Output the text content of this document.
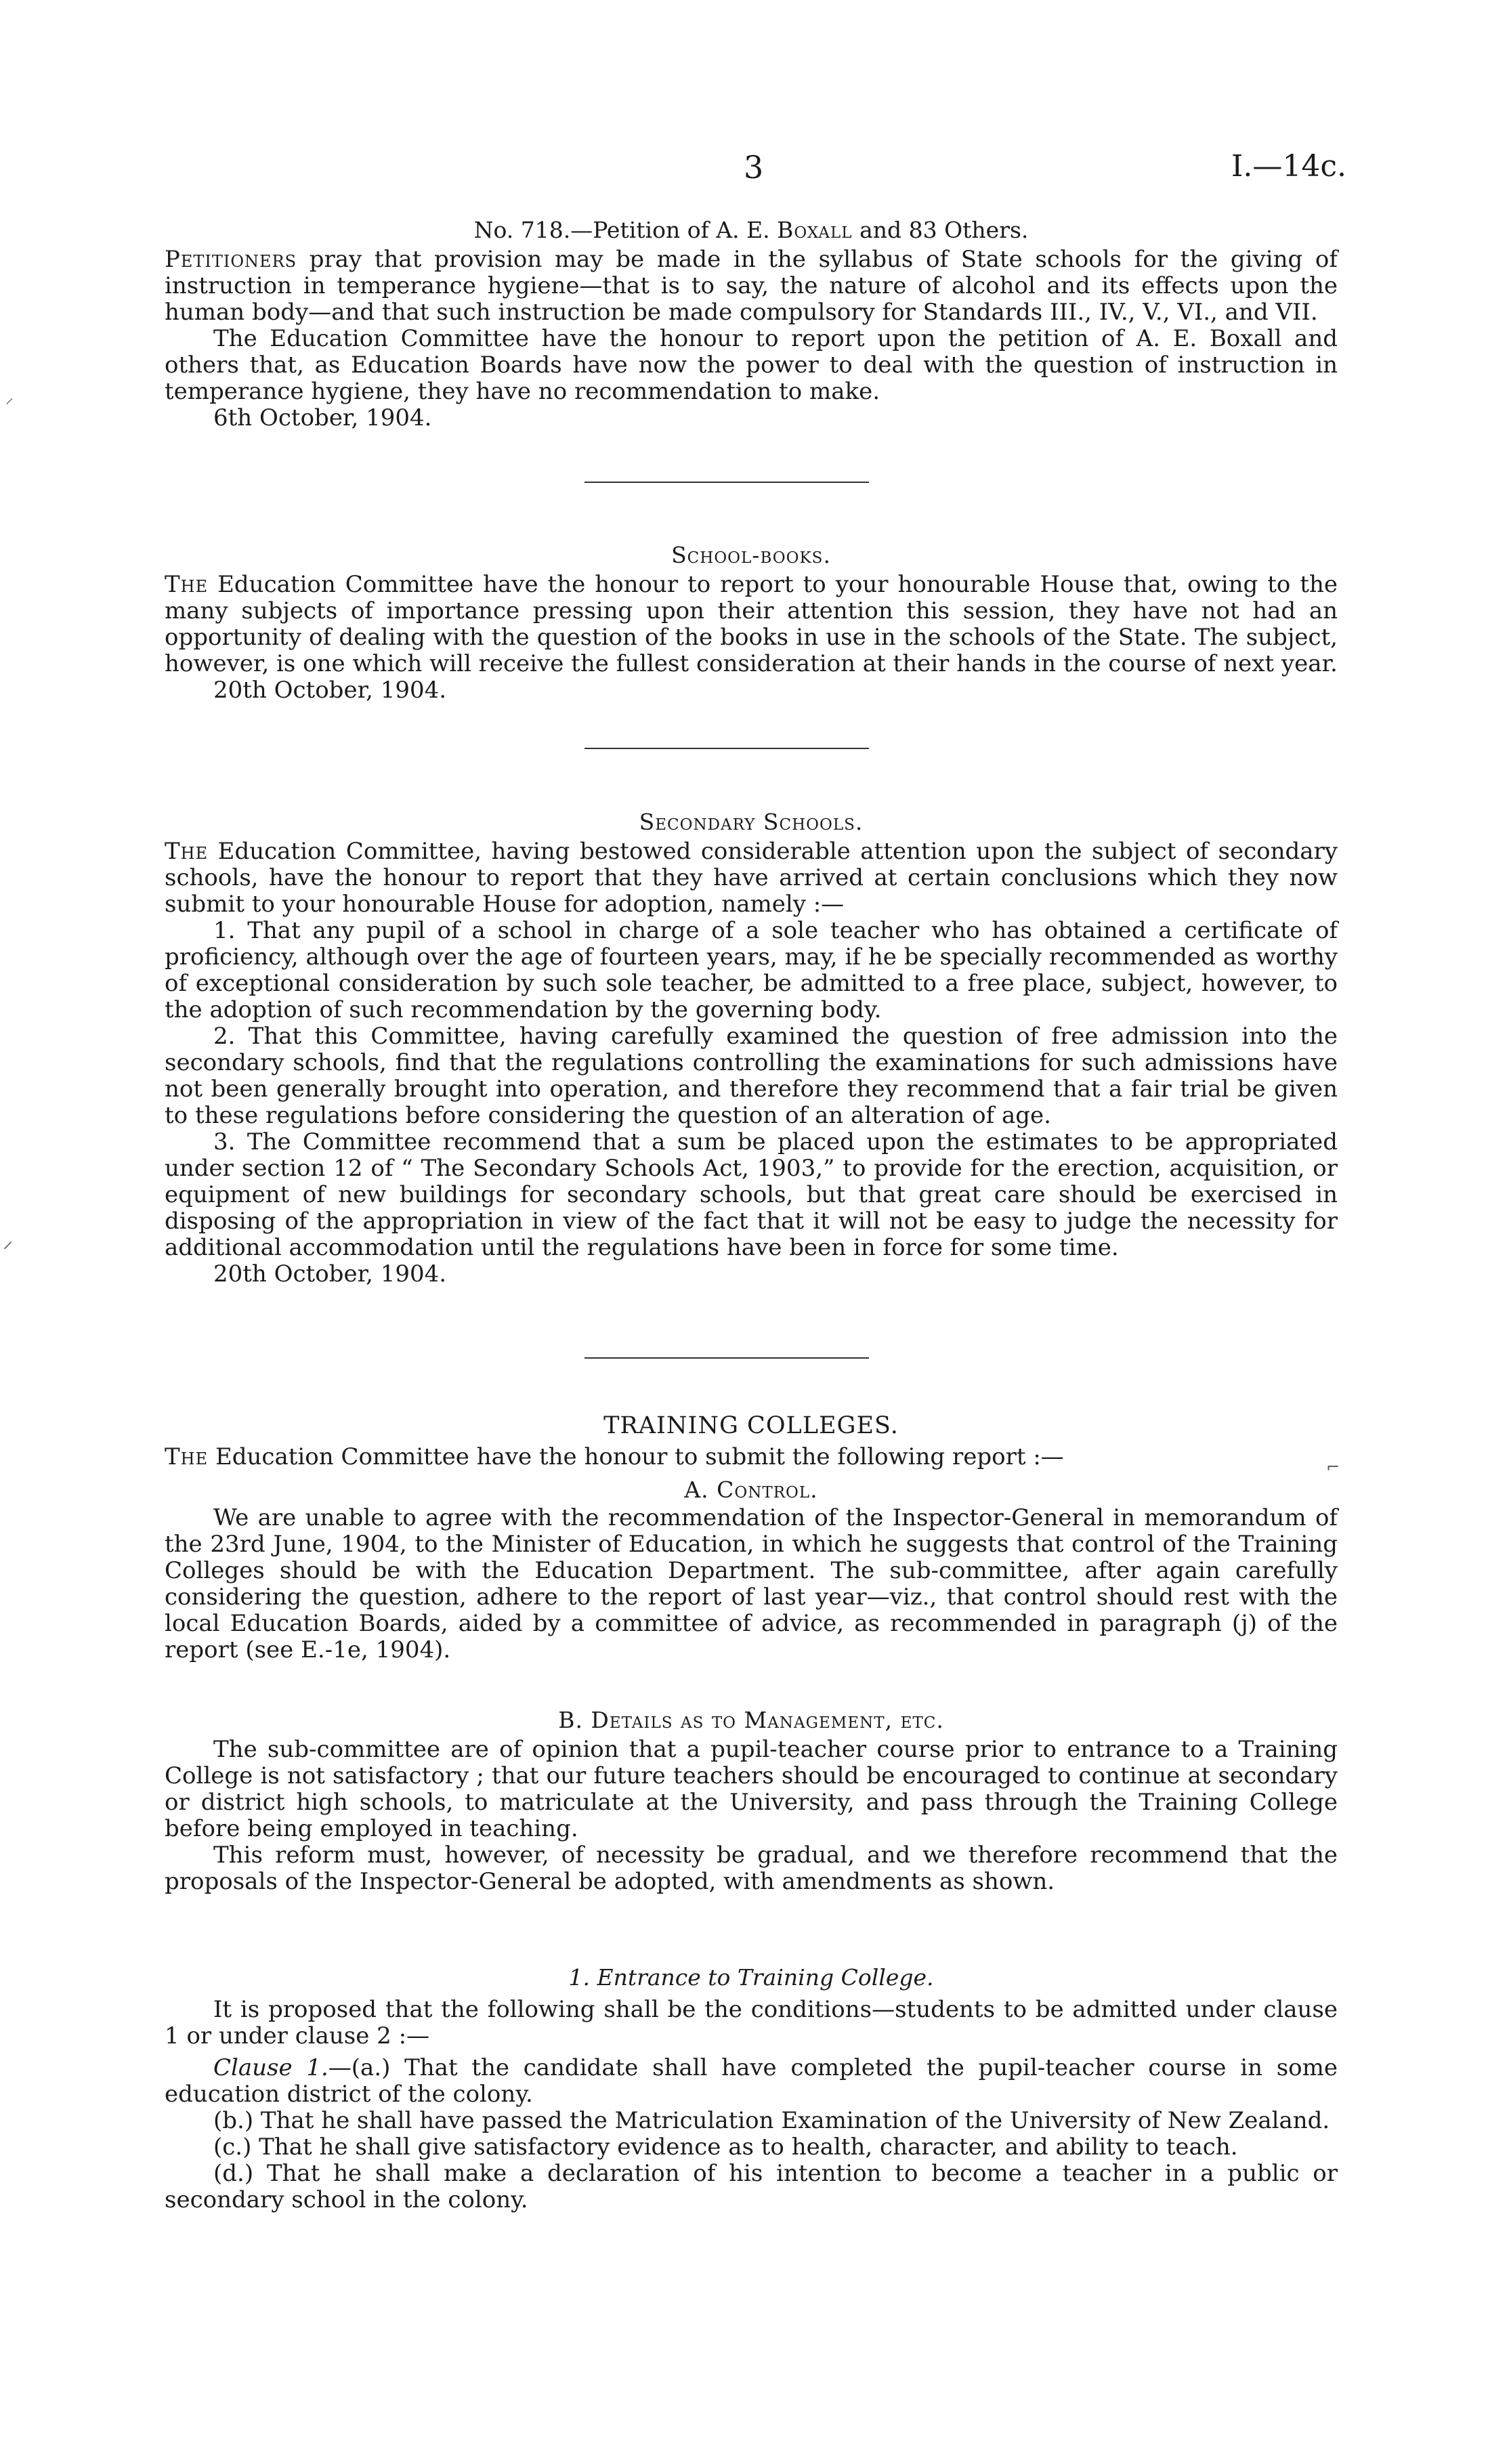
3	I.—14c.
No. 718.—Petition of A. E. Boxall and 83 Others.

Petitioners pray that provision may be made in the syllabus of State schools for the giving of instruction in temperance hygiene—that is to say, the nature of alcohol and its effects upon the human body—and that such instruction be made compulsory for Standards III., IV., V., VI., and VII.

The Education Committee have the honour to report upon the petition of A. E. Boxall and others that, as Education Boards have now the power to deal with the question of instruction in temperance hygiene, they have no recommendation to make.

6th October, 1904.

School-books.

The Education Committee have the honour to report to your honourable House that, owing to the many subjects of importance pressing upon their attention this session, they have not had an opportunity of dealing with the question of the books in use in the schools of the State. The subject, however, is one which will receive the fullest consideration at their hands in the course of next year.

20th October, 1904.

Secondary Schools.

The Education Committee, having bestowed considerable attention upon the subject of secondary schools, have the honour to report that they have arrived at certain conclusions which they now submit to your honourable House for adoption, namely :—

1. That any pupil of a school in charge of a sole teacher who has obtained a certificate of proficiency, although over the age of fourteen years, may, if he be specially recommended as worthy of exceptional consideration by such sole teacher, be admitted to a free place, subject, however, to the adoption of such recommendation by the governing body.

2. That this Committee, having carefully examined the question of free admission into the secondary schools, find that the regulations controlling the examinations for such admissions have not been generally brought into operation, and therefore they recommend that a fair trial be given to these regulations before considering the question of an alteration of age.

3. The Committee recommend that a sum be placed upon the estimates to be appropriated under section 12 of “ The Secondary Schools Act, 1903,” to provide for the erection, acquisition, or equipment of new buildings for secondary schools, but that great care should be exercised in disposing of the appropriation in view of the fact that it will not be easy to judge the necessity for additional accommodation until the regulations have been in force for some time.

20th October, 1904.

TRAINING COLLEGES.

The Education Committee have the honour to submit the following report :—

A. Control.

We are unable to agree with the recommendation of the Inspector-General in memorandum of the 23rd June, 1904, to the Minister of Education, in which he suggests that control of the Training Colleges should be with the Education Department. The sub-committee, after again carefully considering the question, adhere to the report of last year—viz., that control should rest with the local Education Boards, aided by a committee of advice, as recommended in paragraph (j) of the report (see E.-1e, 1904).

B. Details as to Management, etc.

The sub-committee are of opinion that a pupil-teacher course prior to entrance to a Training College is not satisfactory ; that our future teachers should be encouraged to continue at secondary or district high schools, to matriculate at the University, and pass through the Training College before being employed in teaching.

This reform must, however, of necessity be gradual, and we therefore recommend that the proposals of the Inspector-General be adopted, with amendments as shown.

1. Entrance to Training College.

It is proposed that the following shall be the conditions—students to be admitted under clause 1 or under clause 2 :—

Clause 1.—(a.) That the candidate shall have completed the pupil-teacher course in some education district of the colony.

(b.) That he shall have passed the Matriculation Examination of the University of New Zealand.

(c.) That he shall give satisfactory evidence as to health, character, and ability to teach.

(d.) That he shall make a declaration of his intention to become a teacher in a public or secondary school in the colony.

⸝
⸝
⌐
